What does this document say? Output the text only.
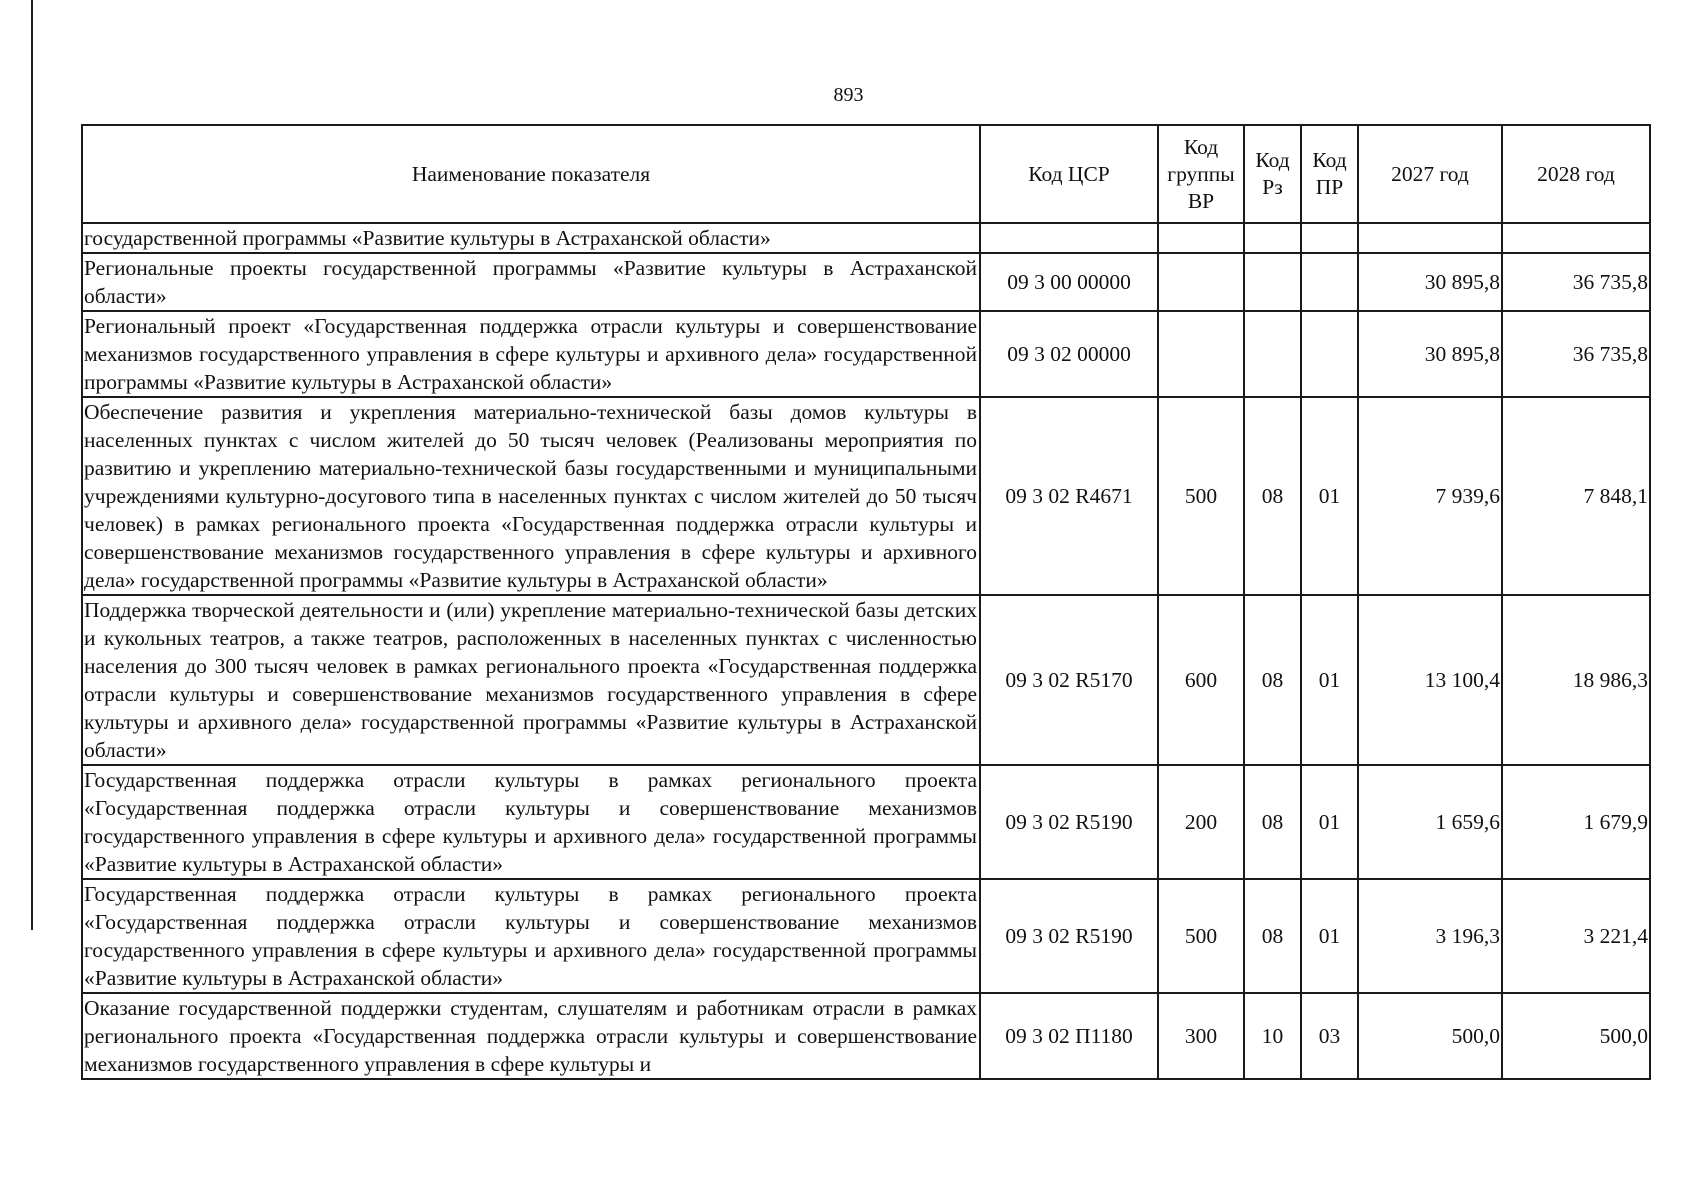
893
Наименование показателя	Код ЦСР	Код группы ВР	Код Рз	Код ПР	2027 год	2028 год
государственной программы «Развитие культуры в Астраханской области»						
Региональные проекты государственной программы «Развитие культуры в Астраханской области»	09 3 00 00000				30 895,8	36 735,8
Региональный проект «Государственная поддержка отрасли культуры и совершенствование механизмов государственного управления в сфере культуры и архивного дела» государственной программы «Развитие культуры в Астраханской области»	09 3 02 00000				30 895,8	36 735,8
Обеспечение развития и укрепления материально-технической базы домов культуры в населенных пунктах с числом жителей до 50 тысяч человек (Реализованы мероприятия по развитию и укреплению материально-технической базы государственными и муниципальными учреждениями культурно-досугового типа в населенных пунктах с числом жителей до 50 тысяч человек) в рамках регионального проекта «Государственная поддержка отрасли культуры и совершенствование механизмов государственного управления в сфере культуры и архивного дела» государственной программы «Развитие культуры в Астраханской области»	09 3 02 R4671	500	08	01	7 939,6	7 848,1
Поддержка творческой деятельности и (или) укрепление материально-технической базы детских и кукольных театров, а также театров, расположенных в населенных пунктах с численностью населения до 300 тысяч человек в рамках регионального проекта «Государственная поддержка отрасли культуры и совершенствование механизмов государственного управления в сфере культуры и архивного дела» государственной программы «Развитие культуры в Астраханской области»	09 3 02 R5170	600	08	01	13 100,4	18 986,3
Государственная поддержка отрасли культуры в рамках регионального проекта «Государственная поддержка отрасли культуры и совершенствование механизмов государственного управления в сфере культуры и архивного дела» государственной программы «Развитие культуры в Астраханской области»	09 3 02 R5190	200	08	01	1 659,6	1 679,9
Государственная поддержка отрасли культуры в рамках регионального проекта «Государственная поддержка отрасли культуры и совершенствование механизмов государственного управления в сфере культуры и архивного дела» государственной программы «Развитие культуры в Астраханской области»	09 3 02 R5190	500	08	01	3 196,3	3 221,4
Оказание государственной поддержки студентам, слушателям и работникам отрасли в рамках регионального проекта «Государственная поддержка отрасли культуры и совершенствование механизмов государственного управления в сфере культуры и	09 3 02 П1180	300	10	03	500,0	500,0
